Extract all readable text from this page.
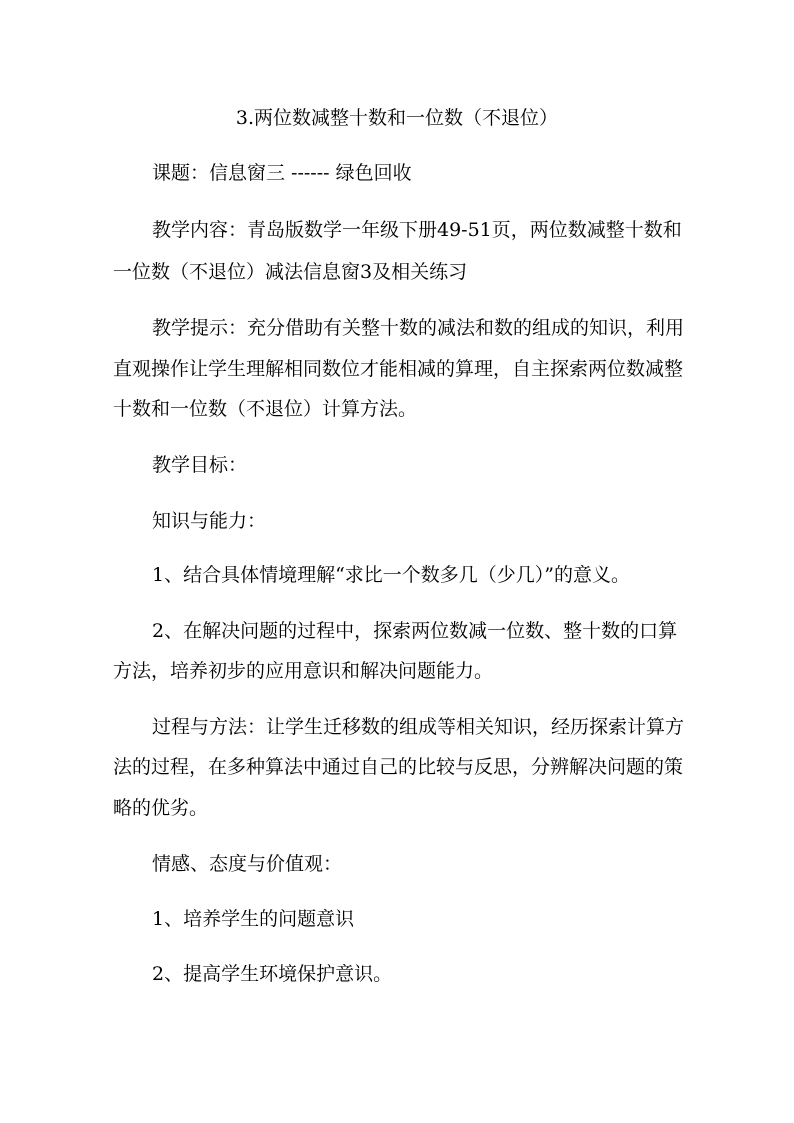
3.两位数减整十数和一位数（不退位）
课题：信息窗三 ------ 绿色回收
教学内容：青岛版数学一年级下册49-51页，两位数减整十数和
一位数（不退位）减法信息窗3及相关练习
教学提示：充分借助有关整十数的减法和数的组成的知识，利用
直观操作让学生理解相同数位才能相减的算理，自主探索两位数减整
十数和一位数（不退位）计算方法。
教学目标：
知识与能力：
1、结合具体情境理解“求比一个数多几（少几）”的意义。
2、在解决问题的过程中，探索两位数减一位数、整十数的口算
方法，培养初步的应用意识和解决问题能力。
过程与方法：让学生迁移数的组成等相关知识，经历探索计算方
法的过程，在多种算法中通过自己的比较与反思，分辨解决问题的策
略的优劣。
情感、态度与价值观：
1、培养学生的问题意识
2、提高学生环境保护意识。
